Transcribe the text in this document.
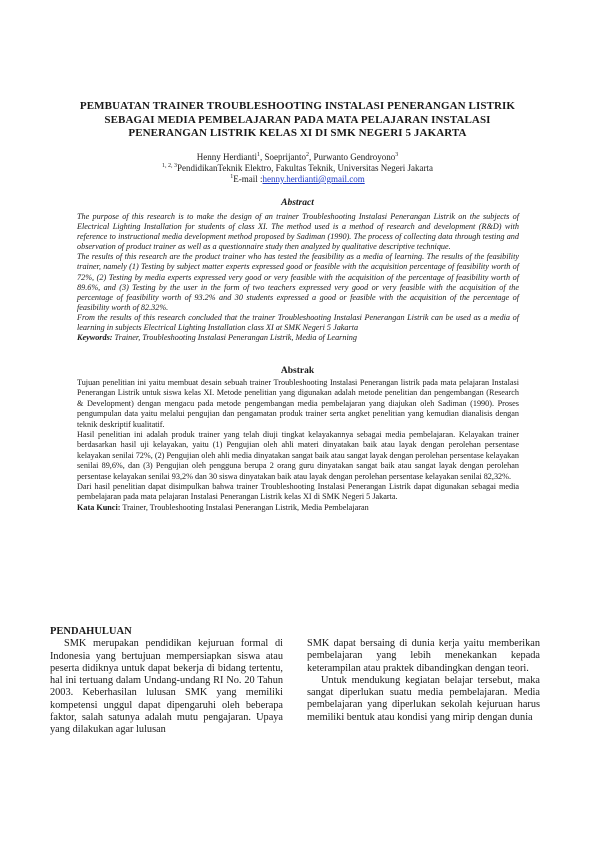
PEMBUATAN TRAINER TROUBLESHOOTING INSTALASI PENERANGAN LISTRIK
SEBAGAI MEDIA PEMBELAJARAN PADA MATA PELAJARAN INSTALASI
PENERANGAN LISTRIK KELAS XI DI SMK NEGERI 5 JAKARTA
Henny Herdianti$^1$, Soeprijanto$^2$, Purwanto Gendroyono$^3$
$^{1, 2, 3}$PendidikanTeknik Elektro, Fakultas Teknik, Universitas Negeri Jakarta
$^1$E-mail :henny.herdianti@gmail.com
Abstract

The purpose of this research is to make the design of an trainer Troubleshooting Instalasi Penerangan Listrik on the subjects of Electrical Lighting Installation for students of class XI. The method used is a method of research and development (R&D) with reference to instructional media development method proposed by Sadiman (1990). The process of collecting data through testing and observation of product trainer as well as a questionnaire study then analyzed by qualitative descriptive technique.

The results of this research are the product trainer who has tested the feasibility as a media of learning. The results of the feasibility trainer, namely (1) Testing by subject matter experts expressed good or feasible with the acquisition percentage of feasibility worth of 72%, (2) Testing by media experts expressed very good or very feasible with the acquisition of the percentage of feasibility worth of 89.6%, and (3) Testing by the user in the form of two teachers expressed very good or very feasible with the acquisition of the percentage of feasibility worth of 93.2% and 30 students expressed a good or feasible with the acquisition of the percentage of feasibility worth of 82.32%.

From the results of this research concluded that the trainer Troubleshooting Instalasi Penerangan Listrik can be used as a media of learning in subjects Electrical Lighting Installation class XI at SMK Negeri 5 Jakarta

Keywords: Trainer, Troubleshooting Instalasi Penerangan Listrik, Media of Learning

Abstrak

Tujuan penelitian ini yaitu membuat desain sebuah trainer Troubleshooting Instalasi Penerangan listrik pada mata pelajaran Instalasi Penerangan Listrik untuk siswa kelas XI. Metode penelitian yang digunakan adalah metode penelitian dan pengembangan (Research & Development) dengan mengacu pada metode pengembangan media pembelajaran yang diajukan oleh Sadiman (1990). Proses pengumpulan data yaitu melalui pengujian dan pengamatan produk trainer serta angket penelitian yang kemudian dianalisis dengan teknik deskriptif kualitatif.

Hasil penelitian ini adalah produk trainer yang telah diuji tingkat kelayakannya sebagai media pembelajaran. Kelayakan trainer berdasarkan hasil uji kelayakan, yaitu (1) Pengujian oleh ahli materi dinyatakan baik atau layak dengan perolehan persentase kelayakan senilai 72%, (2) Pengujian oleh ahli media dinyatakan sangat baik atau sangat layak dengan perolehan persentase kelayakan senilai 89,6%, dan (3) Pengujian oleh pengguna berupa 2 orang guru dinyatakan sangat baik atau sangat layak dengan perolehan persentase kelayakan senilai 93,2% dan 30 siswa dinyatakan baik atau layak dengan perolehan persentase kelayakan senilai 82,32%.

Dari hasil penelitian dapat disimpulkan bahwa trainer Troubleshooting Instalasi Penerangan Listrik dapat digunakan sebagai media pembelajaran pada mata pelajaran Instalasi Penerangan Listrik kelas XI di SMK Negeri 5 Jakarta.

Kata Kunci: Trainer, Troubleshooting Instalasi Penerangan Listrik, Media Pembelajaran

PENDAHULUAN

SMK merupakan pendidikan kejuruan formal di Indonesia yang bertujuan mempersiapkan siswa atau peserta didiknya untuk dapat bekerja di bidang tertentu, hal ini tertuang dalam Undang-undang RI No. 20 Tahun 2003. Keberhasilan lulusan SMK yang memiliki kompetensi unggul dapat dipengaruhi oleh beberapa faktor, salah satunya adalah mutu pengajaran. Upaya yang dilakukan agar lulusan

SMK dapat bersaing di dunia kerja yaitu memberikan pembelajaran yang lebih menekankan kepada keterampilan atau praktek dibandingkan dengan teori.

Untuk mendukung kegiatan belajar tersebut, maka sangat diperlukan suatu media pembelajaran. Media pembelajaran yang diperlukan sekolah kejuruan harus memiliki bentuk atau kondisi yang mirip dengan dunia
